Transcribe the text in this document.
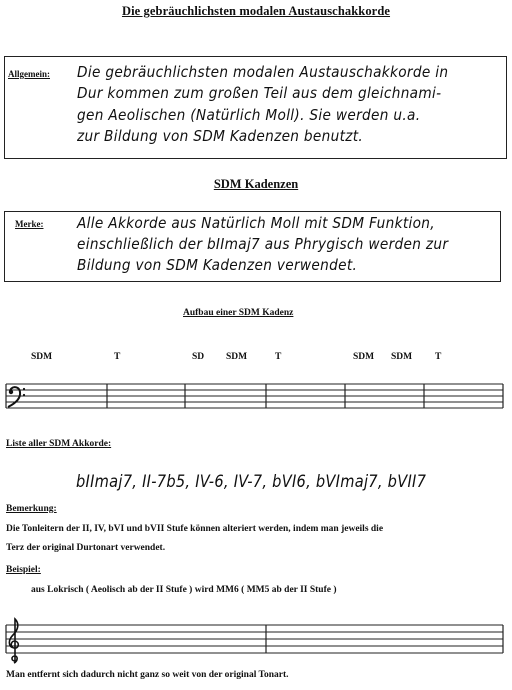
Die gebräuchlichsten modalen Austauschakkorde
Allgemein: Die gebräuchlichsten modalen Austauschakkorde in
Dur kommen zum großen Teil aus dem gleichnami-
gen Aeolischen (Natürlich Moll). Sie werden u.a.
zur Bildung von SDM Kadenzen benutzt.
SDM Kadenzen
Merke: Alle Akkorde aus Natürlich Moll mit SDM Funktion,
einschließlich der bIImaj7 aus Phrygisch werden zur
Bildung von SDM Kadenzen verwendet.
Aufbau einer SDM Kadenz
SDM	T	SD SDM	T	SDM SDM T
Liste aller SDM Akkorde:
bIImaj7, II-7b5, IV-6, IV-7, bVI6, bVImaj7, bVII7
Bemerkung:
Die Tonleitern der II, IV, bVI und bVII Stufe können alteriert werden, indem man jeweils die
Terz der original Durtonart verwendet.
Beispiel:
aus Lokrisch ( Aeolisch ab der II Stufe ) wird MM6 ( MM5 ab der II Stufe )
Man entfernt sich dadurch nicht ganz so weit von der original Tonart.
